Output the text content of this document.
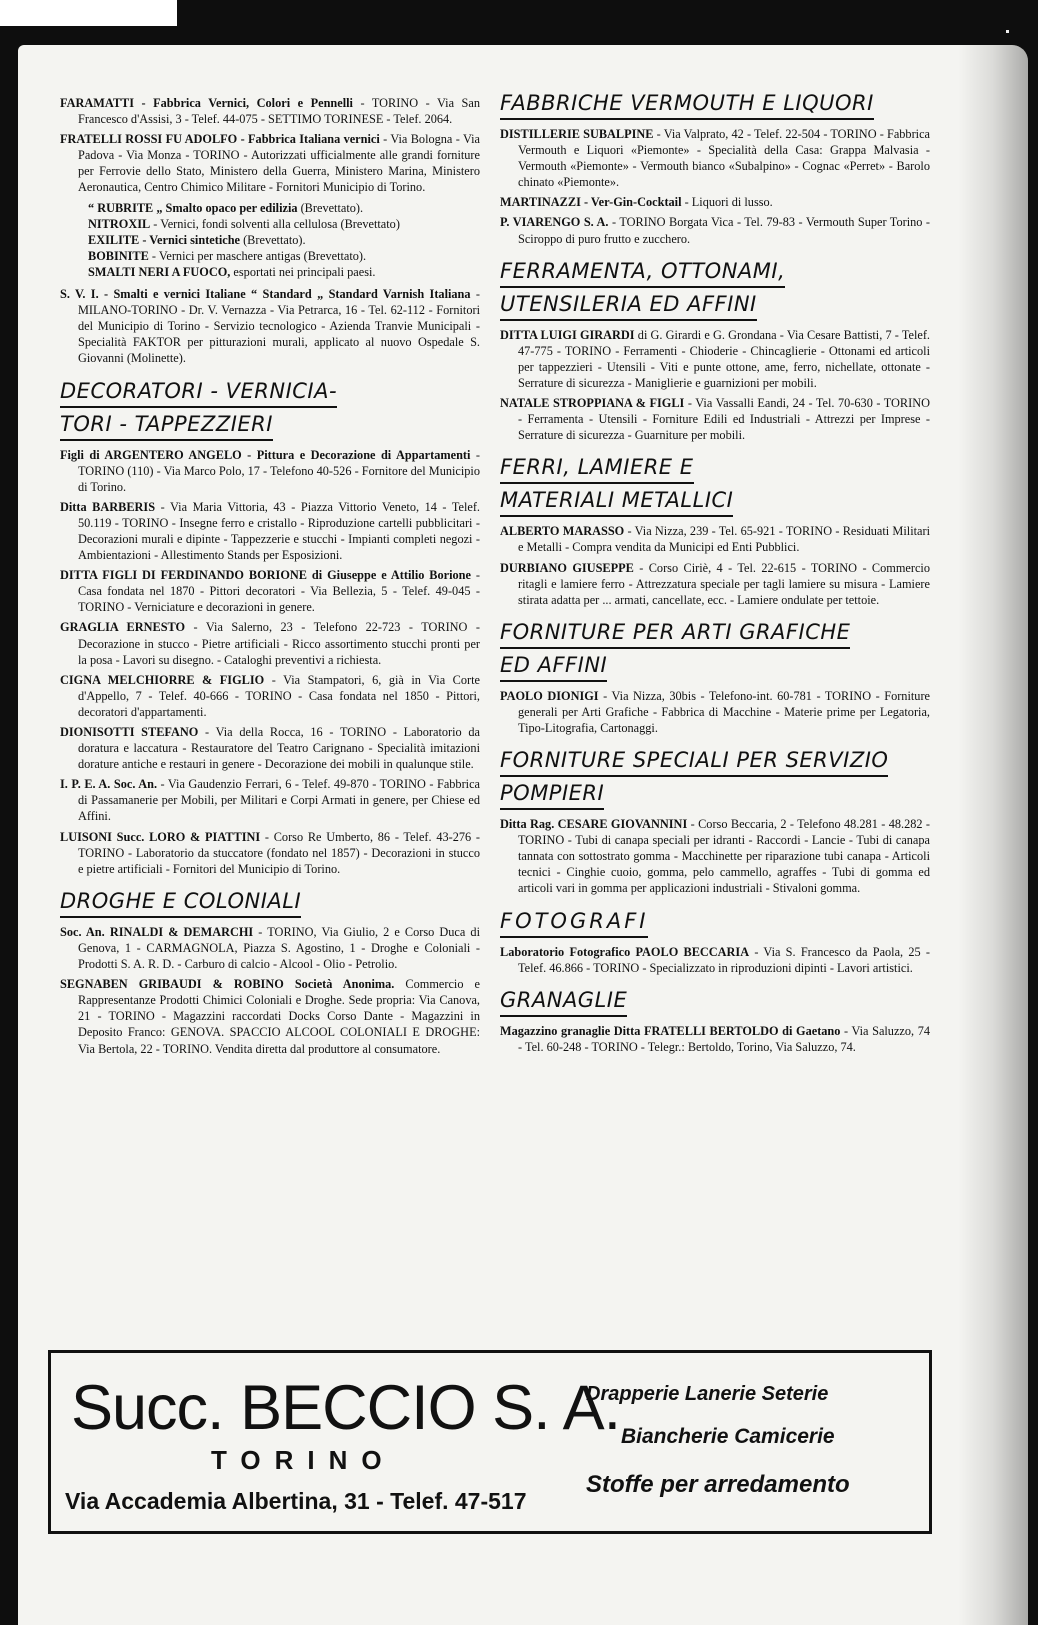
FARAMATTI - Fabbrica Vernici, Colori e Pennelli - TORINO - Via San Francesco d'Assisi, 3 - Telef. 44-075 - SETTIMO TORINESE - Telef. 2064.
FRATELLI ROSSI FU ADOLFO - Fabbrica Italiana vernici - Via Bologna - Via Padova - Via Monza - TORINO - Autorizzati ufficialmente alle grandi forniture per Ferrovie dello Stato, Ministero della Guerra, Ministero Marina, Ministero Aeronautica, Centro Chimico Militare - Fornitori Municipio di Torino.
“ RUBRITE „ Smalto opaco per edilizia (Brevettato).
NITROXIL - Vernici, fondi solventi alla cellulosa (Brevettato)
EXILITE - Vernici sintetiche (Brevettato).
BOBINITE - Vernici per maschere antigas (Brevettato).
SMALTI NERI A FUOCO, esportati nei principali paesi.
S. V. I. - Smalti e vernici Italiane “ Standard „ Standard Varnish Italiana - MILANO-TORINO - Dr. V. Vernazza - Via Petrarca, 16 - Tel. 62-112 - Fornitori del Municipio di Torino - Servizio tecnologico - Azienda Tranvie Municipali - Specialità FAKTOR per pitturazioni murali, applicato al nuovo Ospedale S. Giovanni (Molinette).
DECORATORI - VERNICIA-
TORI - TAPPEZZIERI
Figli di ARGENTERO ANGELO - Pittura e Decorazione di Appartamenti - TORINO (110) - Via Marco Polo, 17 - Telefono 40-526 - Fornitore del Municipio di Torino.
Ditta BARBERIS - Via Maria Vittoria, 43 - Piazza Vittorio Veneto, 14 - Telef. 50.119 - TORINO - Insegne ferro e cristallo - Riproduzione cartelli pubblicitari - Decorazioni murali e dipinte - Tappezzerie e stucchi - Impianti completi negozi - Ambientazioni - Allestimento Stands per Esposizioni.
DITTA FIGLI DI FERDINANDO BORIONE di Giuseppe e Attilio Borione - Casa fondata nel 1870 - Pittori decoratori - Via Bellezia, 5 - Telef. 49-045 - TORINO - Verniciature e decorazioni in genere.
GRAGLIA ERNESTO - Via Salerno, 23 - Telefono 22-723 - TORINO - Decorazione in stucco - Pietre artificiali - Ricco assortimento stucchi pronti per la posa - Lavori su disegno. - Cataloghi preventivi a richiesta.
CIGNA MELCHIORRE & FIGLIO - Via Stampatori, 6, già in Via Corte d'Appello, 7 - Telef. 40-666 - TORINO - Casa fondata nel 1850 - Pittori, decoratori d'appartamenti.
DIONISOTTI STEFANO - Via della Rocca, 16 - TORINO - Laboratorio da doratura e laccatura - Restauratore del Teatro Carignano - Specialità imitazioni dorature antiche e restauri in genere - Decorazione dei mobili in qualunque stile.
I. P. E. A. Soc. An. - Via Gaudenzio Ferrari, 6 - Telef. 49-870 - TORINO - Fabbrica di Passamanerie per Mobili, per Militari e Corpi Armati in genere, per Chiese ed Affini.
LUISONI Succ. LORO & PIATTINI - Corso Re Umberto, 86 - Telef. 43-276 - TORINO - Laboratorio da stuccatore (fondato nel 1857) - Decorazioni in stucco e pietre artificiali - Fornitori del Municipio di Torino.
DROGHE E COLONIALI
Soc. An. RINALDI & DEMARCHI - TORINO, Via Giulio, 2 e Corso Duca di Genova, 1 - CARMAGNOLA, Piazza S. Agostino, 1 - Droghe e Coloniali - Prodotti S. A. R. D. - Carburo di calcio - Alcool - Olio - Petrolio.
SEGNABEN GRIBAUDI & ROBINO Società Anonima. Commercio e Rappresentanze Prodotti Chimici Coloniali e Droghe. Sede propria: Via Canova, 21 - TORINO - Magazzini raccordati Docks Corso Dante - Magazzini in Deposito Franco: GENOVA. SPACCIO ALCOOL COLONIALI E DROGHE: Via Bertola, 22 - TORINO. Vendita diretta dal produttore al consumatore.
FABBRICHE VERMOUTH E LIQUORI
DISTILLERIE SUBALPINE - Via Valprato, 42 - Telef. 22-504 - TORINO - Fabbrica Vermouth e Liquori «Piemonte» - Specialità della Casa: Grappa Malvasia - Vermouth «Piemonte» - Vermouth bianco «Subalpino» - Cognac «Perret» - Barolo chinato «Piemonte».
MARTINAZZI - Ver-Gin-Cocktail - Liquori di lusso.
P. VIARENGO S. A. - TORINO Borgata Vica - Tel. 79-83 - Vermouth Super Torino - Sciroppo di puro frutto e zucchero.
FERRAMENTA, OTTONAMI,
UTENSILERIA ED AFFINI
DITTA LUIGI GIRARDI di G. Girardi e G. Grondana - Via Cesare Battisti, 7 - Telef. 47-775 - TORINO - Ferramenti - Chioderie - Chincaglierie - Ottonami ed articoli per tappezzieri - Utensili - Viti e punte ottone, ame, ferro, nichellate, ottonate - Serrature di sicurezza - Maniglierie e guarnizioni per mobili.
NATALE STROPPIANA & FIGLI - Via Vassalli Eandi, 24 - Tel. 70-630 - TORINO - Ferramenta - Utensili - Forniture Edili ed Industriali - Attrezzi per Imprese - Serrature di sicurezza - Guarniture per mobili.
FERRI, LAMIERE E
MATERIALI METALLICI
ALBERTO MARASSO - Via Nizza, 239 - Tel. 65-921 - TORINO - Residuati Militari e Metalli - Compra vendita da Municipi ed Enti Pubblici.
DURBIANO GIUSEPPE - Corso Ciriè, 4 - Tel. 22-615 - TORINO - Commercio ritagli e lamiere ferro - Attrezzatura speciale per tagli lamiere su misura - Lamiere stirata adatta per ... armati, cancellate, ecc. - Lamiere ondulate per tettoie.
FORNITURE PER ARTI GRAFICHE
ED AFFINI
PAOLO DIONIGI - Via Nizza, 30bis - Telefono-int. 60-781 - TORINO - Forniture generali per Arti Grafiche - Fabbrica di Macchine - Materie prime per Legatoria, Tipo-Litografia, Cartonaggi.
FORNITURE SPECIALI PER SERVIZIO
POMPIERI
Ditta Rag. CESARE GIOVANNINI - Corso Beccaria, 2 - Telefono 48.281 - 48.282 - TORINO - Tubi di canapa speciali per idranti - Raccordi - Lancie - Tubi di canapa tannata con sottostrato gomma - Macchinette per riparazione tubi canapa - Articoli tecnici - Cinghie cuoio, gomma, pelo cammello, agraffes - Tubi di gomma ed articoli vari in gomma per applicazioni industriali - Stivaloni gomma.
FOTOGRAFI
Laboratorio Fotografico PAOLO BECCARIA - Via S. Francesco da Paola, 25 - Telef. 46.866 - TORINO - Specializzato in riproduzioni dipinti - Lavori artistici.
GRANAGLIE
Magazzino granaglie Ditta FRATELLI BERTOLDO di Gaetano - Via Saluzzo, 74 - Tel. 60-248 - TORINO - Telegr.: Bertoldo, Torino, Via Saluzzo, 74.
Succ. BECCIO S. A.
TORINO
Via Accademia Albertina, 31 - Telef. 47-517
Drapperie Lanerie Seterie
Biancherie Camicerie
Stoffe per arredamento
